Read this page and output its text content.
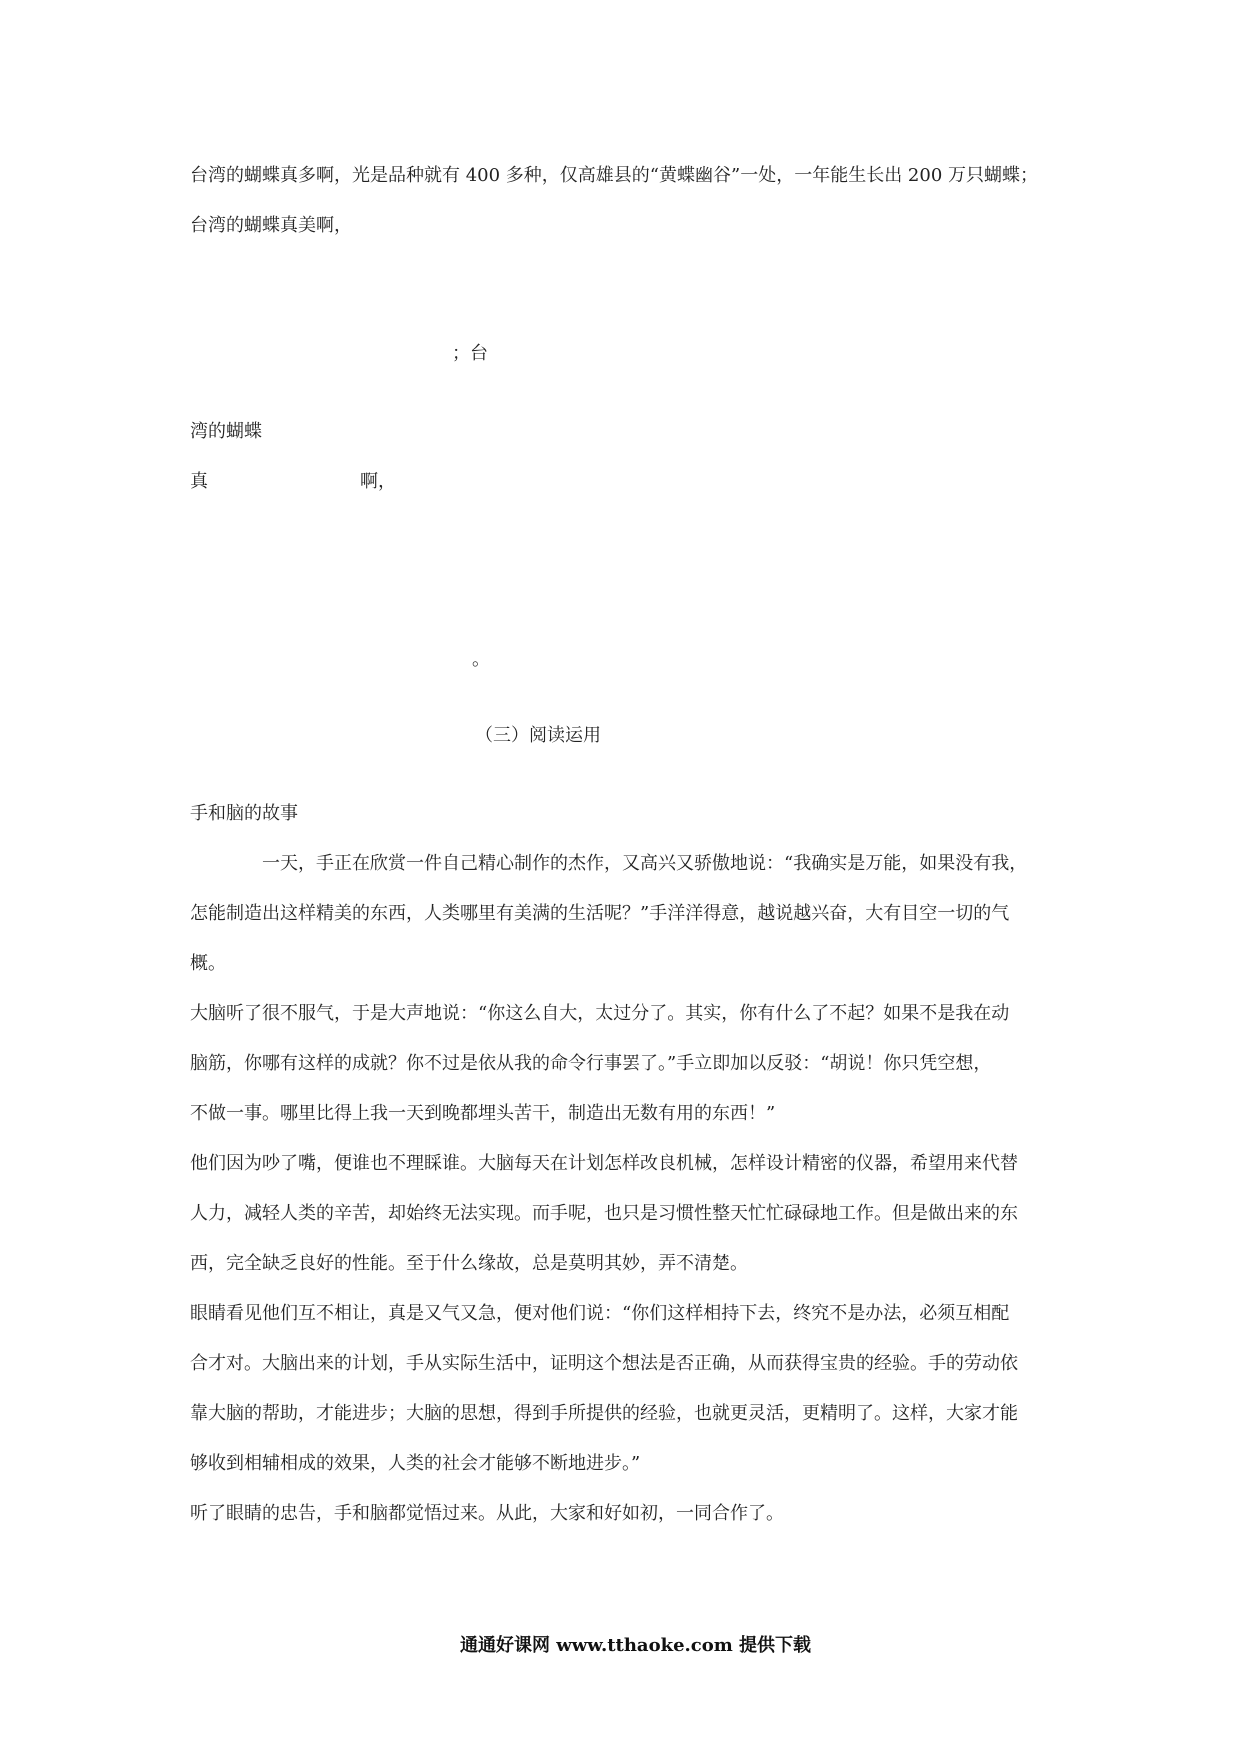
台湾的蝴蝶真多啊，光是品种就有 400 多种，仅高雄县的“黄蝶幽谷”一处，一年能生长出 200 万只蝴蝶；
台湾的蝴蝶真美啊，
；台
湾的蝴蝶
真	啊，
。
（三）阅读运用
手和脑的故事
一天，手正在欣赏一件自己精心制作的杰作，又高兴又骄傲地说：“我确实是万能，如果没有我，
怎能制造出这样精美的东西，人类哪里有美满的生活呢？”手洋洋得意，越说越兴奋，大有目空一切的气
概。
大脑听了很不服气，于是大声地说：“你这么自大，太过分了。其实，你有什么了不起？如果不是我在动
脑筋，你哪有这样的成就？你不过是依从我的命令行事罢了。”手立即加以反驳：“胡说！你只凭空想，
不做一事。哪里比得上我一天到晚都埋头苦干，制造出无数有用的东西！”
他们因为吵了嘴，便谁也不理睬谁。大脑每天在计划怎样改良机械，怎样设计精密的仪器，希望用来代替
人力，减轻人类的辛苦，却始终无法实现。而手呢，也只是习惯性整天忙忙碌碌地工作。但是做出来的东
西，完全缺乏良好的性能。至于什么缘故，总是莫明其妙，弄不清楚。
眼睛看见他们互不相让，真是又气又急，便对他们说：“你们这样相持下去，终究不是办法，必须互相配
合才对。大脑出来的计划，手从实际生活中，证明这个想法是否正确，从而获得宝贵的经验。手的劳动依
靠大脑的帮助，才能进步；大脑的思想，得到手所提供的经验，也就更灵活，更精明了。这样，大家才能
够收到相辅相成的效果，人类的社会才能够不断地进步。”
听了眼睛的忠告，手和脑都觉悟过来。从此，大家和好如初，一同合作了。
通通好课网 www.tthaoke.com 提供下载
